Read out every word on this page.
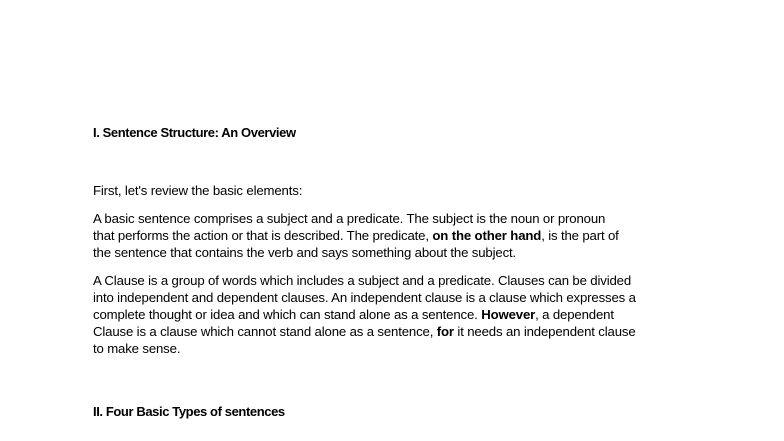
I. Sentence Structure: An Overview

First, let's review the basic elements:

A basic sentence comprises a subject and a predicate. The subject is the noun or pronoun
that performs the action or that is described. The predicate, on the other hand, is the part of
the sentence that contains the verb and says something about the subject.

A Clause is a group of words which includes a subject and a predicate. Clauses can be divided
into independent and dependent clauses. An independent clause is a clause which expresses a
complete thought or idea and which can stand alone as a sentence. However, a dependent
Clause is a clause which cannot stand alone as a sentence, for it needs an independent clause
to make sense.

II. Four Basic Types of sentences
